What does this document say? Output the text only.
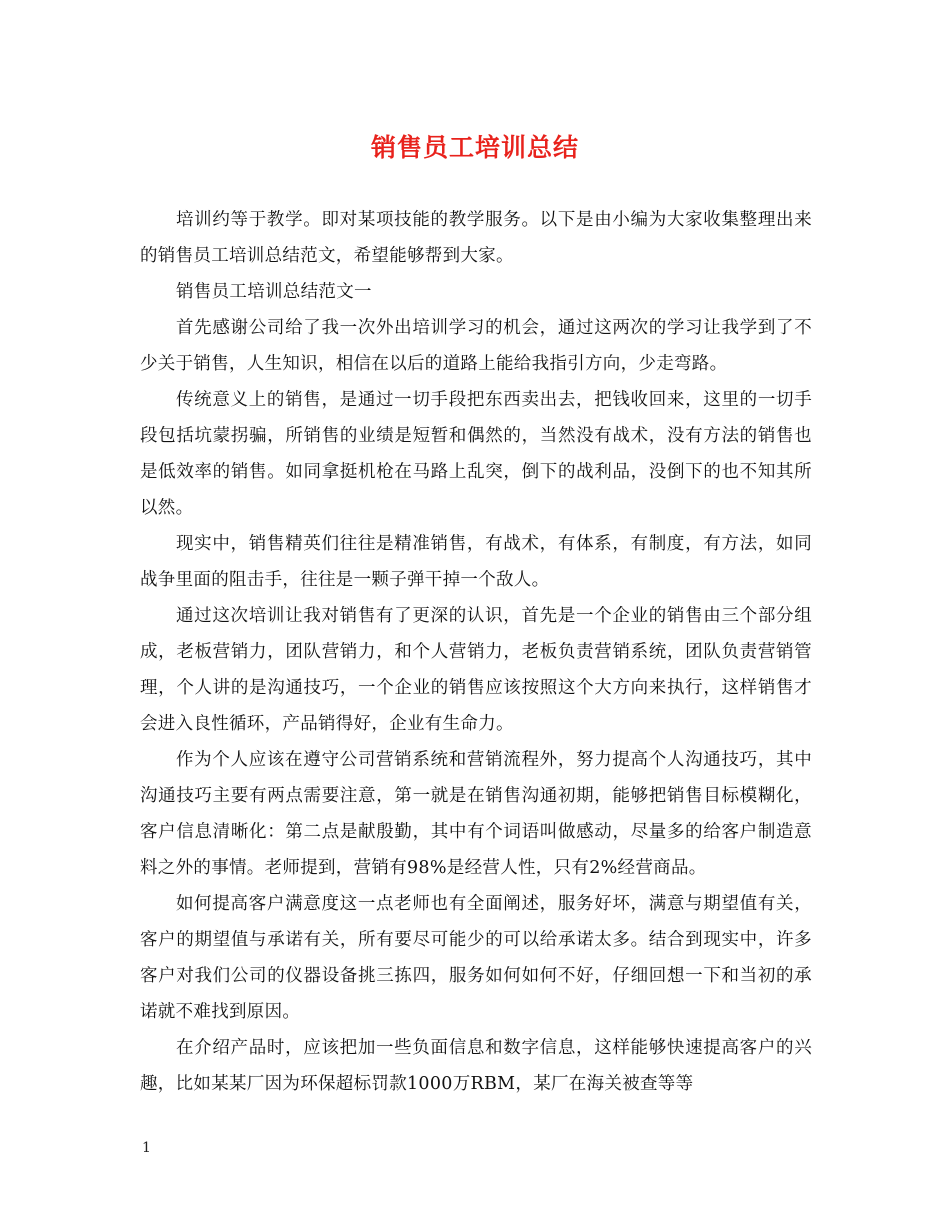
销售员工培训总结

培训约等于教学。即对某项技能的教学服务。以下是由小编为大家收集整理出来的销售员工培训总结范文，希望能够帮到大家。

销售员工培训总结范文一

首先感谢公司给了我一次外出培训学习的机会，通过这两次的学习让我学到了不少关于销售，人生知识，相信在以后的道路上能给我指引方向，少走弯路。

传统意义上的销售，是通过一切手段把东西卖出去，把钱收回来，这里的一切手段包括坑蒙拐骗，所销售的业绩是短暂和偶然的，当然没有战术，没有方法的销售也是低效率的销售。如同拿挺机枪在马路上乱突，倒下的战利品，没倒下的也不知其所以然。

现实中，销售精英们往往是精准销售，有战术，有体系，有制度，有方法，如同战争里面的阻击手，往往是一颗子弹干掉一个敌人。

通过这次培训让我对销售有了更深的认识，首先是一个企业的销售由三个部分组成，老板营销力，团队营销力，和个人营销力，老板负责营销系统，团队负责营销管理，个人讲的是沟通技巧，一个企业的销售应该按照这个大方向来执行，这样销售才会进入良性循环，产品销得好，企业有生命力。

作为个人应该在遵守公司营销系统和营销流程外，努力提高个人沟通技巧，其中沟通技巧主要有两点需要注意，第一就是在销售沟通初期，能够把销售目标模糊化，客户信息清晰化：第二点是献殷勤，其中有个词语叫做感动，尽量多的给客户制造意料之外的事情。老师提到，营销有98%是经营人性，只有2%经营商品。

如何提高客户满意度这一点老师也有全面阐述，服务好坏，满意与期望值有关，客户的期望值与承诺有关，所有要尽可能少的可以给承诺太多。结合到现实中，许多客户对我们公司的仪器设备挑三拣四，服务如何如何不好，仔细回想一下和当初的承诺就不难找到原因。

在介绍产品时，应该把加一些负面信息和数字信息，这样能够快速提高客户的兴趣，比如某某厂因为环保超标罚款1000万RBM，某厂在海关被查等等

1
